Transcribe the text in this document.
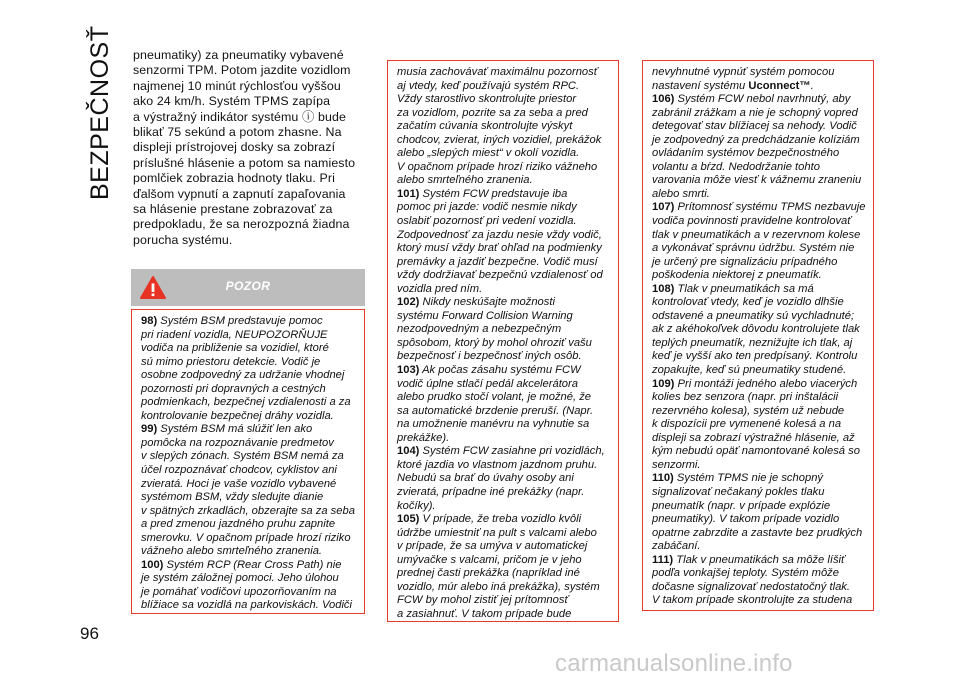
BEZPEČNOSŤ pneumatiky) za pneumatiky vybavené
senzormi TPM. Potom jazdite vozidlom
najmenej 10 minút rýchlosťou vyššou
ako 24 km/h. Systém TPMS zapípa
a výstražný indikátor systému ⓘ bude
blikať 75 sekúnd a potom zhasne. Na
displeji prístrojovej dosky sa zobrazí
príslušné hlásenie a potom sa namiesto
pomlčiek zobrazia hodnoty tlaku. Pri
ďalšom vypnutí a zapnutí zapaľovania
sa hlásenie prestane zobrazovať za
predpokladu, že sa nerozpozná žiadna
porucha systému.

POZOR

98) Systém BSM predstavuje pomoc
pri riadení vozidla, NEUPOZORŇUJE
vodiča na približenie sa vozidiel, ktoré
sú mimo priestoru detekcie. Vodič je
osobne zodpovedný za udržanie vhodnej
pozornosti pri dopravných a cestných
podmienkach, bezpečnej vzdialenosti a za
kontrolovanie bezpečnej dráhy vozidla.
99) Systém BSM má slúžiť len ako
pomôcka na rozpoznávanie predmetov
v slepých zónach. Systém BSM nemá za
účel rozpoznávať chodcov, cyklistov ani
zvieratá. Hoci je vaše vozidlo vybavené
systémom BSM, vždy sledujte dianie
v spätných zrkadlách, obzerajte sa za seba
a pred zmenou jazdného pruhu zapnite
smerovku. V opačnom prípade hrozí riziko
vážneho alebo smrteľného zranenia.
100) Systém RCP (Rear Cross Path) nie
je systém záložnej pomoci. Jeho úlohou
je pomáhať vodičovi upozorňovaním na
blížiace sa vozidlá na parkoviskách. Vodiči

musia zachovávať maximálnu pozornosť
aj vtedy, keď používajú systém RPC.
Vždy starostlivo skontrolujte priestor
za vozidlom, pozrite sa za seba a pred
začatím cúvania skontrolujte výskyt
chodcov, zvierat, iných vozidiel, prekážok
alebo „slepých miest“ v okolí vozidla.
V opačnom prípade hrozí riziko vážneho
alebo smrteľného zranenia.
101) Systém FCW predstavuje iba
pomoc pri jazde: vodič nesmie nikdy
oslabiť pozornosť pri vedení vozidla.
Zodpovednosť za jazdu nesie vždy vodič,
ktorý musí vždy brať ohľad na podmienky
premávky a jazdiť bezpečne. Vodič musí
vždy dodržiavať bezpečnú vzdialenosť od
vozidla pred ním.
102) Nikdy neskúšajte možnosti
systému Forward Collision Warning
nezodpovedným a nebezpečným
spôsobom, ktorý by mohol ohroziť vašu
bezpečnosť i bezpečnosť iných osôb.
103) Ak počas zásahu systému FCW
vodič úplne stlačí pedál akcelerátora
alebo prudko stočí volant, je možné, že
sa automatické brzdenie preruší. (Napr.
na umožnenie manévru na vyhnutie sa
prekážke).
104) Systém FCW zasiahne pri vozidlách,
ktoré jazdia vo vlastnom jazdnom pruhu.
Nebudú sa brať do úvahy osoby ani
zvieratá, prípadne iné prekážky (napr.
kočíky).
105) V prípade, že treba vozidlo kvôli
údržbe umiestniť na pult s valcami alebo
v prípade, že sa umýva v automatickej
umývačke s valcami, pričom je v jeho
prednej časti prekážka (napríklad iné
vozidlo, múr alebo iná prekážka), systém
FCW by mohol zistiť jej prítomnosť
a zasiahnuť. V takom prípade bude

nevyhnutné vypnúť systém pomocou
nastavení systému Uconnect™.
106) Systém FCW nebol navrhnutý, aby
zabránil zrážkam a nie je schopný vopred
detegovať stav blížiacej sa nehody. Vodič
je zodpovedný za predchádzanie kolíziám
ovládaním systémov bezpečnostného
volantu a bŕzd. Nedodržanie tohto
varovania môže viesť k vážnemu zraneniu
alebo smrti.
107) Prítomnosť systému TPMS nezbavuje
vodiča povinnosti pravidelne kontrolovať
tlak v pneumatikách a v rezervnom kolese
a vykonávať správnu údržbu. Systém nie
je určený pre signalizáciu prípadného
poškodenia niektorej z pneumatík.
108) Tlak v pneumatikách sa má
kontrolovať vtedy, keď je vozidlo dlhšie
odstavené a pneumatiky sú vychladnuté;
ak z akéhokoľvek dôvodu kontrolujete tlak
teplých pneumatík, neznižujte ich tlak, aj
keď je vyšší ako ten predpísaný. Kontrolu
zopakujte, keď sú pneumatiky studené.
109) Pri montáži jedného alebo viacerých
kolies bez senzora (napr. pri inštalácii
rezervného kolesa), systém už nebude
k dispozícii pre vymenené kolesá a na
displeji sa zobrazí výstražné hlásenie, až
kým nebudú opäť namontované kolesá so
senzormi.
110) Systém TPMS nie je schopný
signalizovať nečakaný pokles tlaku
pneumatík (napr. v prípade explózie
pneumatiky). V takom prípade vozidlo
opatrne zabrzdite a zastavte bez prudkých
zabáčaní.
111) Tlak v pneumatikách sa môže líšiť
podľa vonkajšej teploty. Systém môže
dočasne signalizovať nedostatočný tlak.
V takom prípade skontrolujte za studena

96
carmanualsonline.info
